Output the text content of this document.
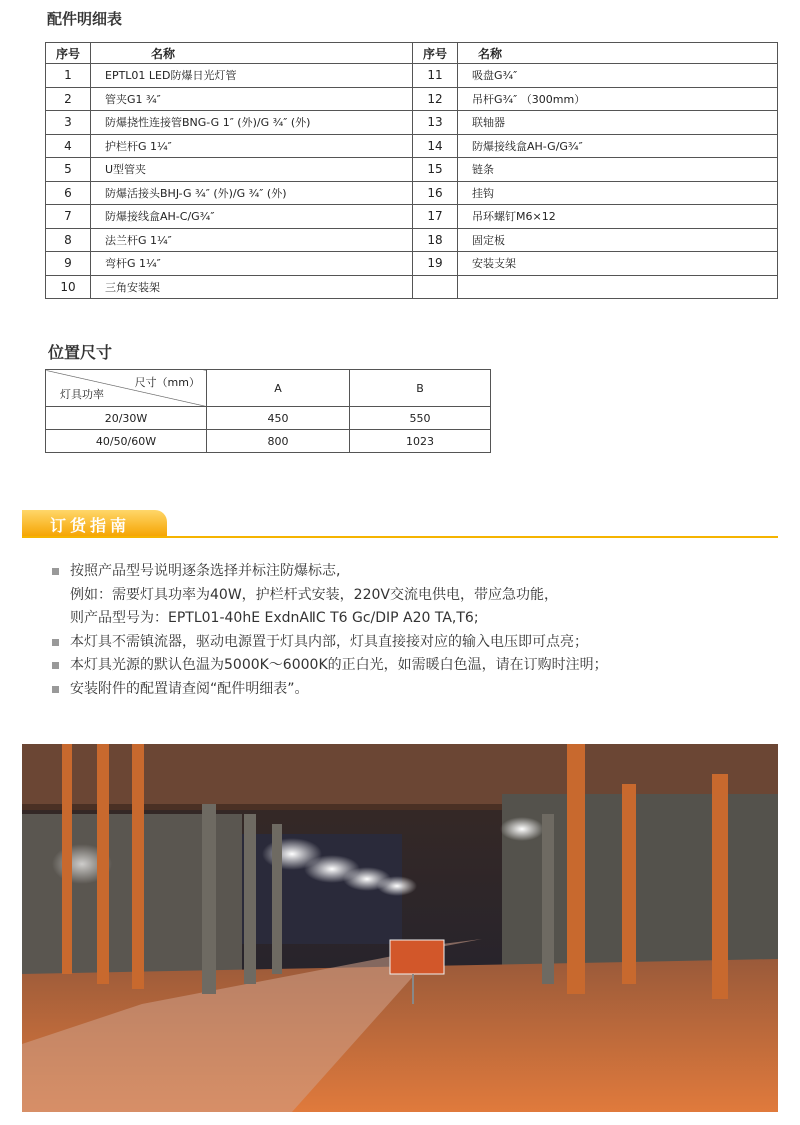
配件明细表
序号	名称	序号	名称
1	EPTL01 LED防爆日光灯管	11	吸盘G¾″
2	管夹G1 ¾″	12	吊杆G¾″ （300mm）
3	防爆挠性连接管BNG-G 1″ (外)/G ¾″ (外)	13	联轴器
4	护栏杆G 1¼″	14	防爆接线盒AH-G/G¾″
5	U型管夹	15	链条
6	防爆活接头BHJ-G ¾″ (外)/G ¾″ (外)	16	挂钩
7	防爆接线盒AH-C/G¾″	17	吊环螺钉M6×12
8	法兰杆G 1¼″	18	固定板
9	弯杆G 1¼″	19	安装支架
10	三角安装架		
位置尺寸
尺寸（mm）
灯具功率	A	B
20/30W	450	550
40/50/60W	800	1023
订货指南
按照产品型号说明逐条选择并标注防爆标志,
例如：需要灯具功率为40W，护栏杆式安装，220V交流电供电，带应急功能，
则产品型号为：EPTL01-40hE ExdnAⅡC T6 Gc/DIP A20 TA,T6;
本灯具不需镇流器，驱动电源置于灯具内部，灯具直接接对应的输入电压即可点亮；
本灯具光源的默认色温为5000K～6000K的正白光，如需暖白色温，请在订购时注明；
安装附件的配置请查阅“配件明细表”。
